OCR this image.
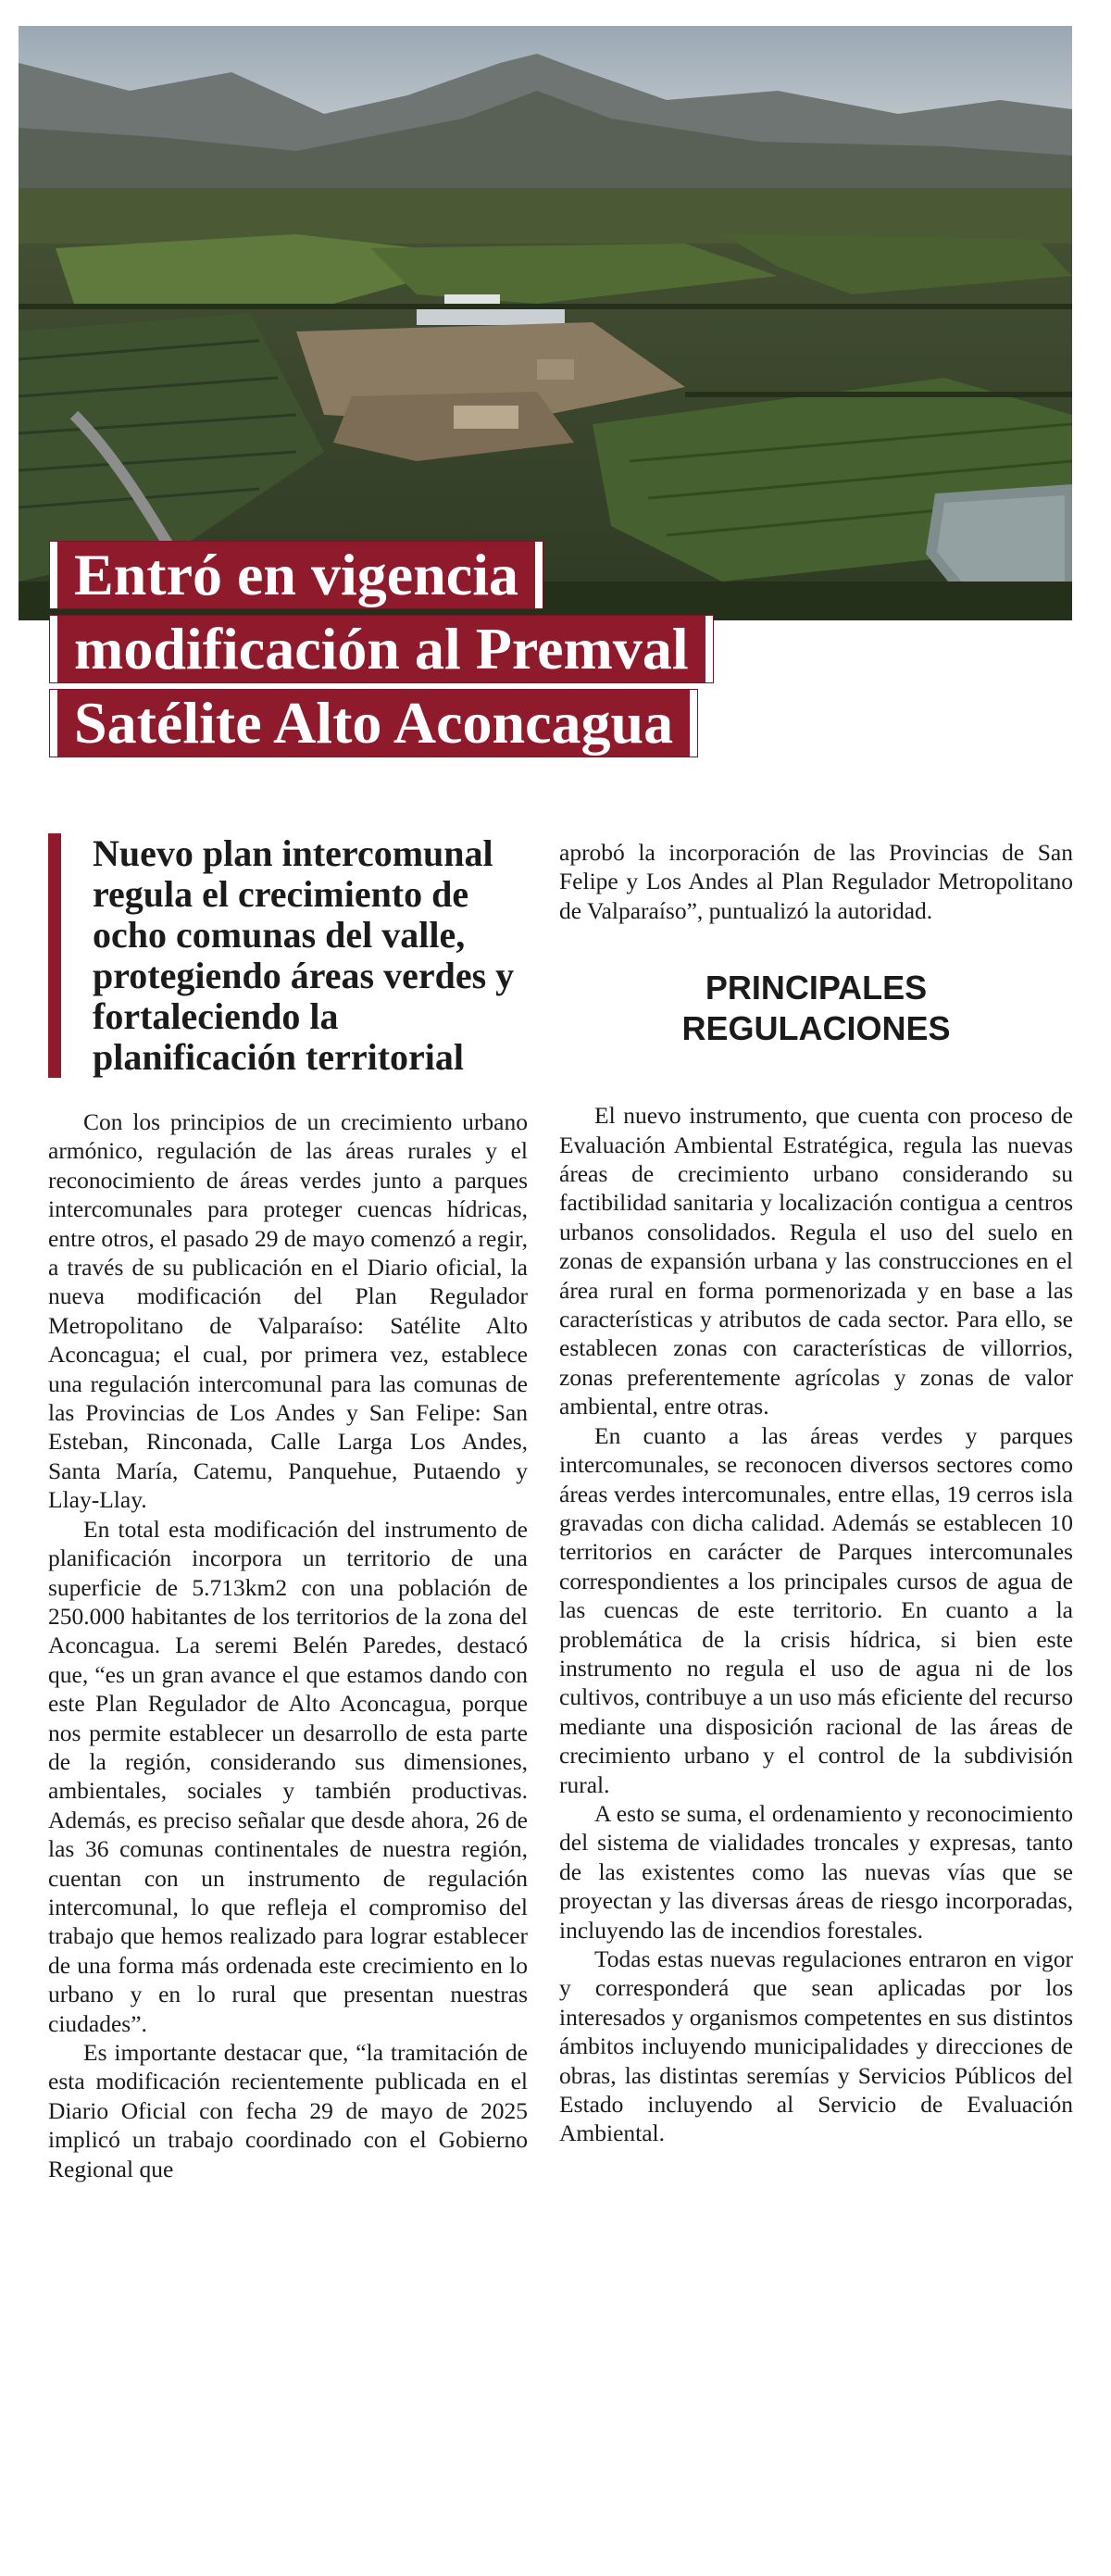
Entró en vigencia
modificación al Premval
Satélite Alto Aconcagua
Nuevo plan intercomunal regula el crecimiento de ocho comunas del valle, protegiendo áreas verdes y fortaleciendo la planificación territorial

Con los principios de un crecimiento urbano armónico, regulación de las áreas rurales y el reconocimiento de áreas verdes junto a parques intercomunales para proteger cuencas hídricas, entre otros, el pasado 29 de mayo comenzó a regir, a través de su publicación en el Diario oficial, la nueva modificación del Plan Regulador Metropolitano de Valparaíso: Satélite Alto Aconcagua; el cual, por primera vez, establece una regulación intercomunal para las comunas de las Provincias de Los Andes y San Felipe: San Esteban, Rinconada, Calle Larga Los Andes, Santa María, Catemu, Panquehue, Putaendo y Llay-Llay.

En total esta modificación del instrumento de planificación incorpora un territorio de una superficie de 5.713km2 con una población de 250.000 habitantes de los territorios de la zona del Aconcagua. La seremi Belén Paredes, destacó que, “es un gran avance el que estamos dando con este Plan Regulador de Alto Aconcagua, porque nos permite establecer un desarrollo de esta parte de la región, considerando sus dimensiones, ambientales, sociales y también productivas. Además, es preciso señalar que desde ahora, 26 de las 36 comunas continentales de nuestra región, cuentan con un instrumento de regulación intercomunal, lo que refleja el compromiso del trabajo que hemos realizado para lograr establecer de una forma más ordenada este crecimiento en lo urbano y en lo rural que presentan nuestras ciudades”.

Es importante destacar que, “la tramitación de esta modificación recientemente publicada en el Diario Oficial con fecha 29 de mayo de 2025 implicó un trabajo coordinado con el Gobierno Regional que

aprobó la incorporación de las Provincias de San Felipe y Los Andes al Plan Regulador Metropolitano de Valparaíso”, puntualizó la autoridad.

PRINCIPALES
REGULACIONES

El nuevo instrumento, que cuenta con proceso de Evaluación Ambiental Estratégica, regula las nuevas áreas de crecimiento urbano considerando su factibilidad sanitaria y localización contigua a centros urbanos consolidados. Regula el uso del suelo en zonas de expansión urbana y las construcciones en el área rural en forma pormenorizada y en base a las características y atributos de cada sector. Para ello, se establecen zonas con características de villorrios, zonas preferentemente agrícolas y zonas de valor ambiental, entre otras.

En cuanto a las áreas verdes y parques intercomunales, se reconocen diversos sectores como áreas verdes intercomunales, entre ellas, 19 cerros isla gravadas con dicha calidad. Además se establecen 10 territorios en carácter de Parques intercomunales correspondientes a los principales cursos de agua de las cuencas de este territorio. En cuanto a la problemática de la crisis hídrica, si bien este instrumento no regula el uso de agua ni de los cultivos, contribuye a un uso más eficiente del recurso mediante una disposición racional de las áreas de crecimiento urbano y el control de la subdivisión rural.

A esto se suma, el ordenamiento y reconocimiento del sistema de vialidades troncales y expresas, tanto de las existentes como las nuevas vías que se proyectan y las diversas áreas de riesgo incorporadas, incluyendo las de incendios forestales.

Todas estas nuevas regulaciones entraron en vigor y corresponderá que sean aplicadas por los interesados y organismos competentes en sus distintos ámbitos incluyendo municipalidades y direcciones de obras, las distintas seremías y Servicios Públicos del Estado incluyendo al Servicio de Evaluación Ambiental.
